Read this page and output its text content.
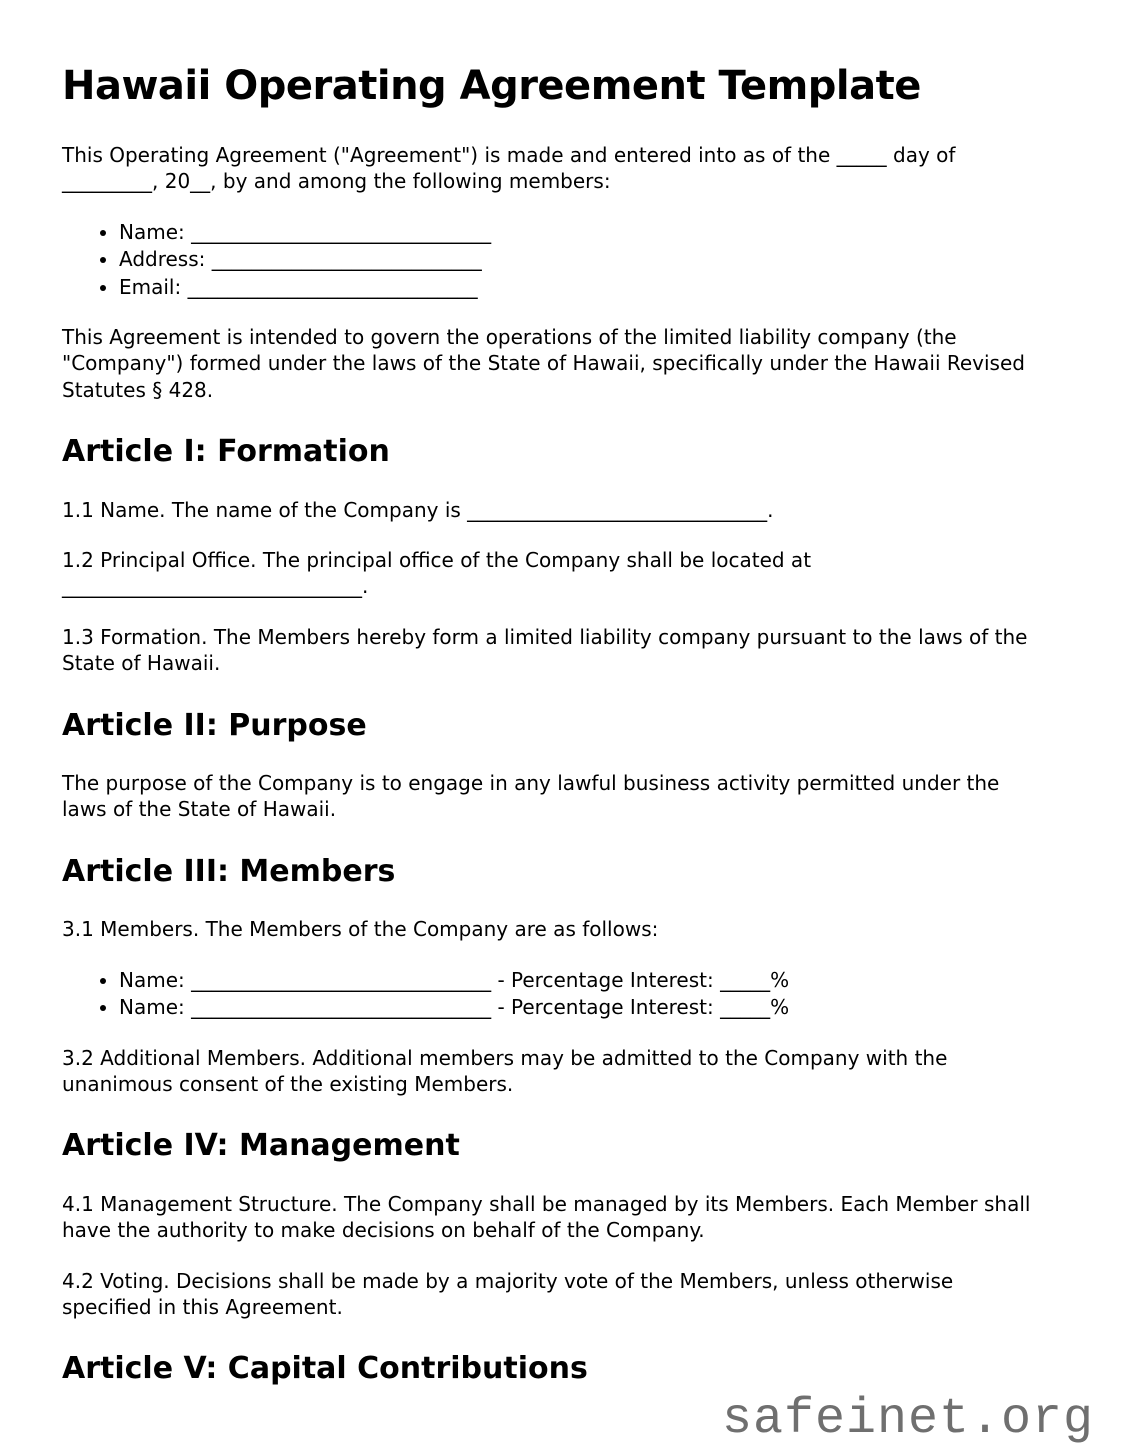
Hawaii Operating Agreement Template

This Operating Agreement ("Agreement") is made and entered into as of the _____ day of _________, 20__, by and among the following members:

• Name: ______________________________
• Address: ___________________________
• Email: _____________________________

This Agreement is intended to govern the operations of the limited liability company (the "Company") formed under the laws of the State of Hawaii, specifically under the Hawaii Revised Statutes § 428.

Article I: Formation

1.1 Name. The name of the Company is ______________________________.

1.2 Principal Office. The principal office of the Company shall be located at ______________________________.

1.3 Formation. The Members hereby form a limited liability company pursuant to the laws of the State of Hawaii.

Article II: Purpose

The purpose of the Company is to engage in any lawful business activity permitted under the laws of the State of Hawaii.

Article III: Members

3.1 Members. The Members of the Company are as follows:

• Name: ______________________________ - Percentage Interest: _____%
• Name: ______________________________ - Percentage Interest: _____%

3.2 Additional Members. Additional members may be admitted to the Company with the unanimous consent of the existing Members.

Article IV: Management

4.1 Management Structure. The Company shall be managed by its Members. Each Member shall have the authority to make decisions on behalf of the Company.

4.2 Voting. Decisions shall be made by a majority vote of the Members, unless otherwise specified in this Agreement.

Article V: Capital Contributions
safeinet.org
